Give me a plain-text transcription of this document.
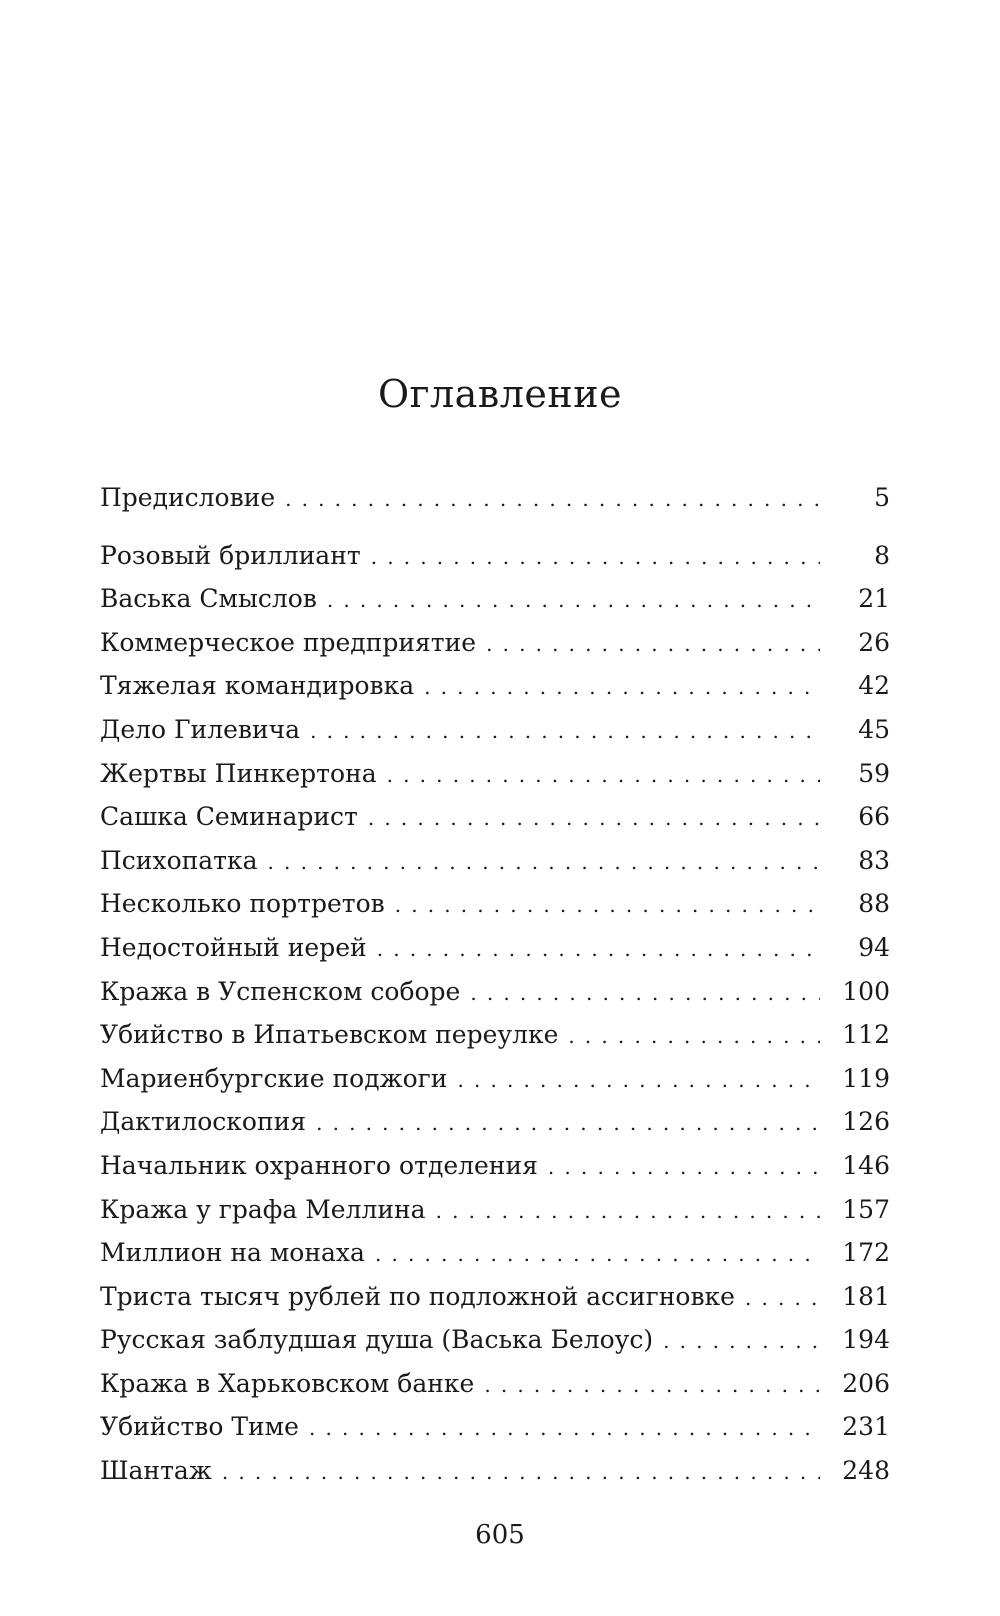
Оглавление
Предисловие . . .	5
Розовый бриллиант . . .	8
Васька Смыслов . . .	21
Коммерческое предприятие . . .	26
Тяжелая командировка . . .	42
Дело Гилевича . . .	45
Жертвы Пинкертона . . .	59
Сашка Семинарист . . .	66
Психопатка . . .	83
Несколько портретов . . .	88
Недостойный иерей . . .	94
Кража в Успенском соборе . . .	100
Убийство в Ипатьевском переулке . . .	112
Мариенбургские поджоги . . .	119
Дактилоскопия . . .	126
Начальник охранного отделения . . .	146
Кража у графа Меллина . . .	157
Миллион на монаха . . .	172
Триста тысяч рублей по подложной ассигновке . . .	181
Русская заблудшая душа (Васька Белоус) . . .	194
Кража в Харьковском банке . . .	206
Убийство Тиме . . .	231
Шантаж . . .	248
605
